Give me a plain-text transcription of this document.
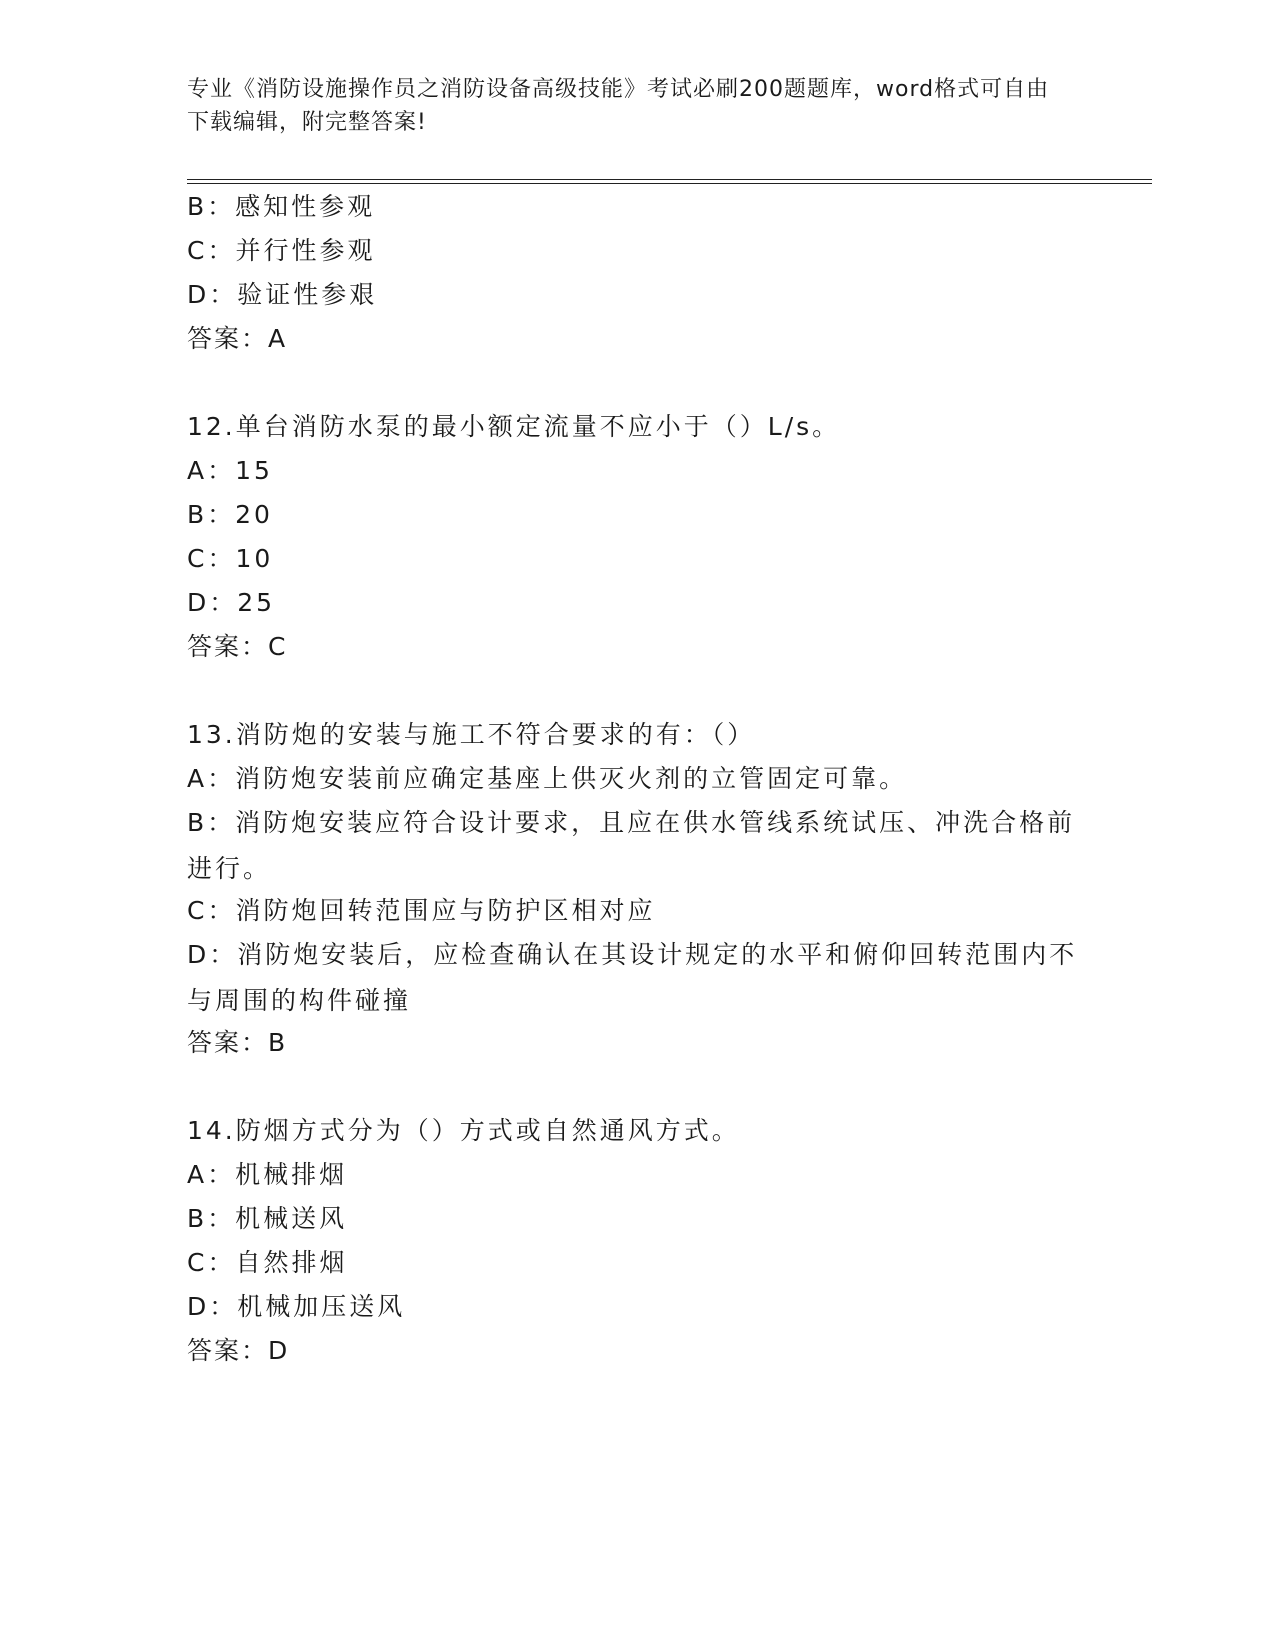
专业《消防设施操作员之消防设备高级技能》考试必刷200题题库，word格式可自由下载编辑，附完整答案!
B：感知性参观
C：并行性参观
D：验证性参艰
答案：A
12.单台消防水泵的最小额定流量不应小于（）L/s。
A：15
B：20
C：10
D：25
答案：C
13.消防炮的安装与施工不符合要求的有：（）
A：消防炮安装前应确定基座上供灭火剂的立管固定可靠。
B：消防炮安装应符合设计要求，且应在供水管线系统试压、冲洗合格前进行。
C：消防炮回转范围应与防护区相对应
D：消防炮安装后，应检查确认在其设计规定的水平和俯仰回转范围内不与周围的构件碰撞
答案：B
14.防烟方式分为（）方式或自然通风方式。
A：机械排烟
B：机械送风
C：自然排烟
D：机械加压送风
答案：D
